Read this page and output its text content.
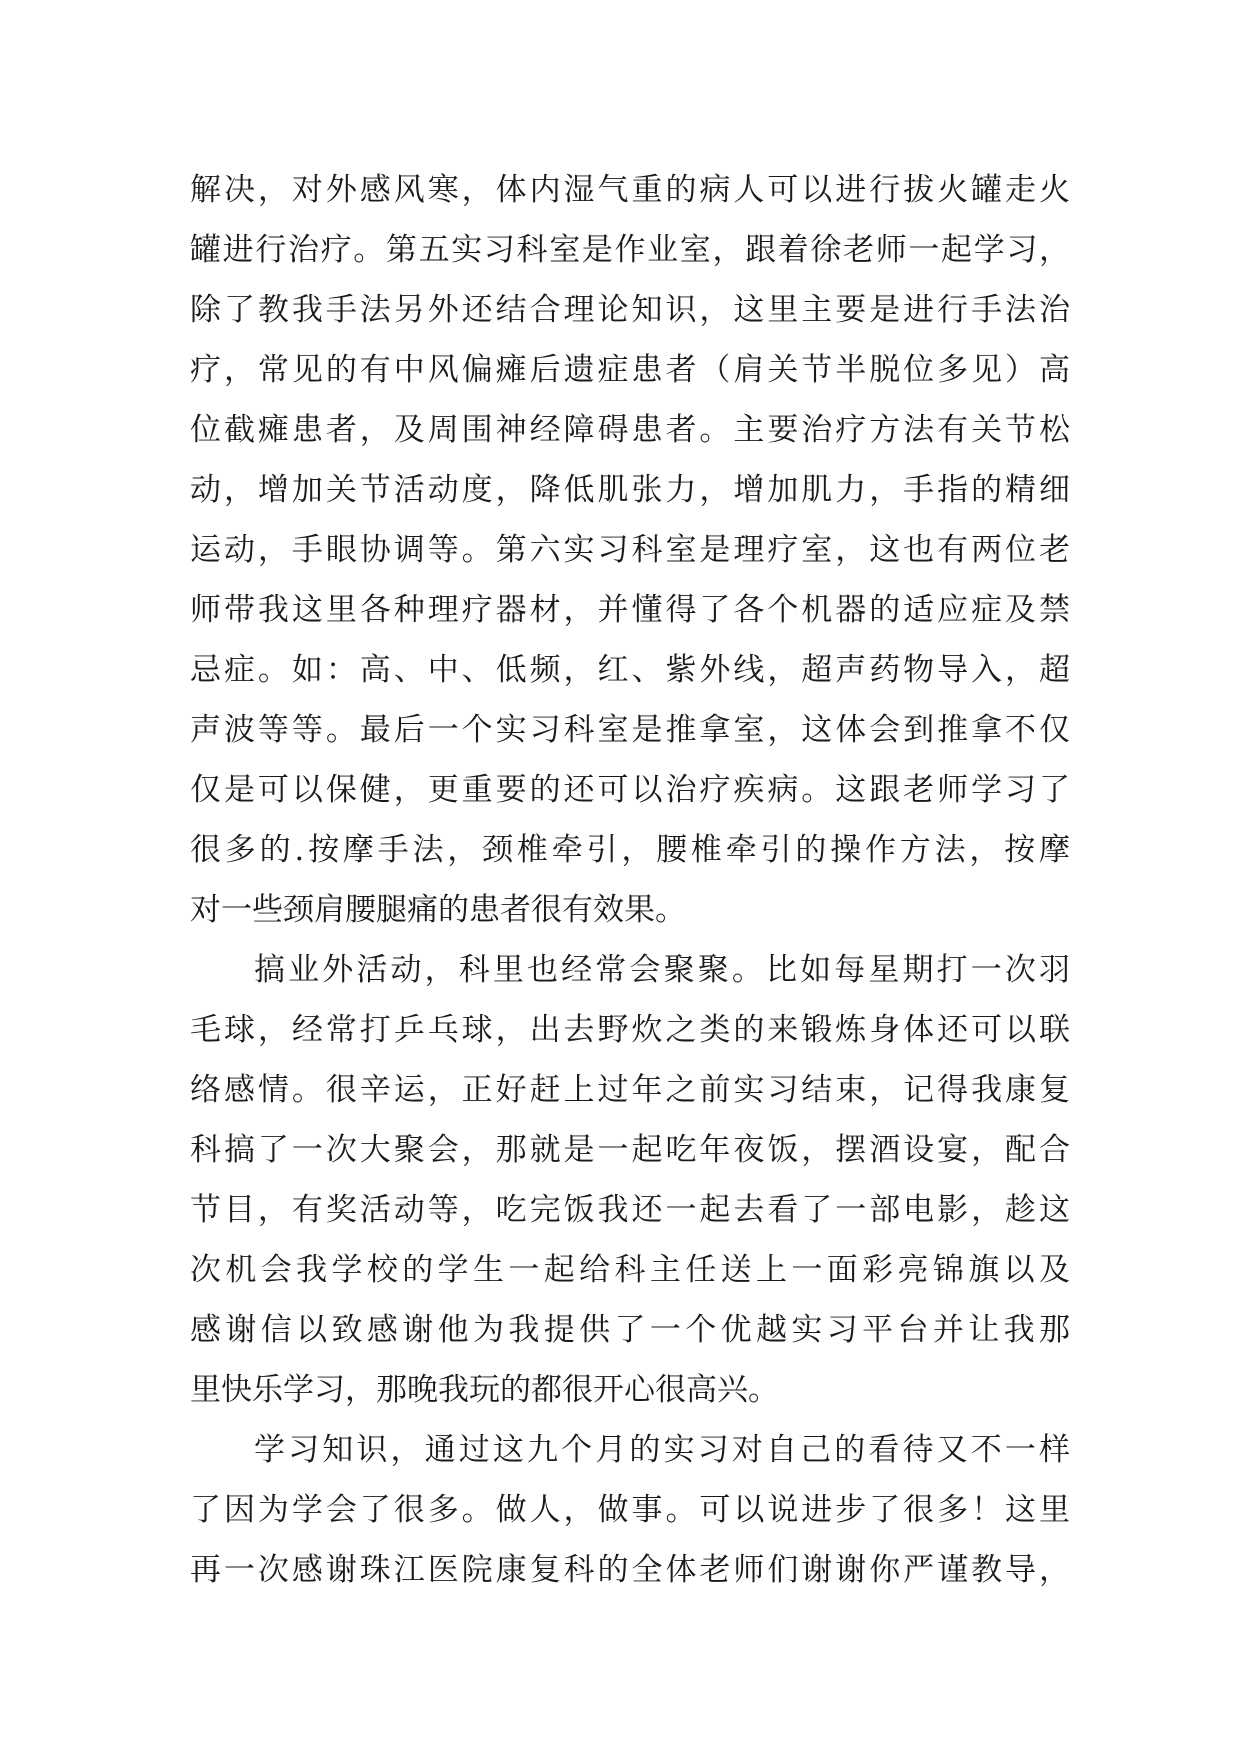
解决，对外感风寒，体内湿气重的病人可以进行拔火罐走火
罐进行治疗。第五实习科室是作业室，跟着徐老师一起学习，
除了教我手法另外还结合理论知识，这里主要是进行手法治
疗，常见的有中风偏瘫后遗症患者（肩关节半脱位多见）高
位截瘫患者，及周围神经障碍患者。主要治疗方法有关节松
动，增加关节活动度，降低肌张力，增加肌力，手指的精细
运动，手眼协调等。第六实习科室是理疗室，这也有两位老
师带我这里各种理疗器材，并懂得了各个机器的适应症及禁
忌症。如：高、中、低频，红、紫外线，超声药物导入，超
声波等等。最后一个实习科室是推拿室，这体会到推拿不仅
仅是可以保健，更重要的还可以治疗疾病。这跟老师学习了
很多的.按摩手法，颈椎牵引，腰椎牵引的操作方法，按摩
对一些颈肩腰腿痛的患者很有效果。
搞业外活动，科里也经常会聚聚。比如每星期打一次羽
毛球，经常打乒乓球，出去野炊之类的来锻炼身体还可以联
络感情。很辛运，正好赶上过年之前实习结束，记得我康复
科搞了一次大聚会，那就是一起吃年夜饭，摆酒设宴，配合
节目，有奖活动等，吃完饭我还一起去看了一部电影，趁这
次机会我学校的学生一起给科主任送上一面彩亮锦旗以及
感谢信以致感谢他为我提供了一个优越实习平台并让我那
里快乐学习，那晚我玩的都很开心很高兴。
学习知识，通过这九个月的实习对自己的看待又不一样
了因为学会了很多。做人，做事。可以说进步了很多！这里
再一次感谢珠江医院康复科的全体老师们谢谢你严谨教导，
